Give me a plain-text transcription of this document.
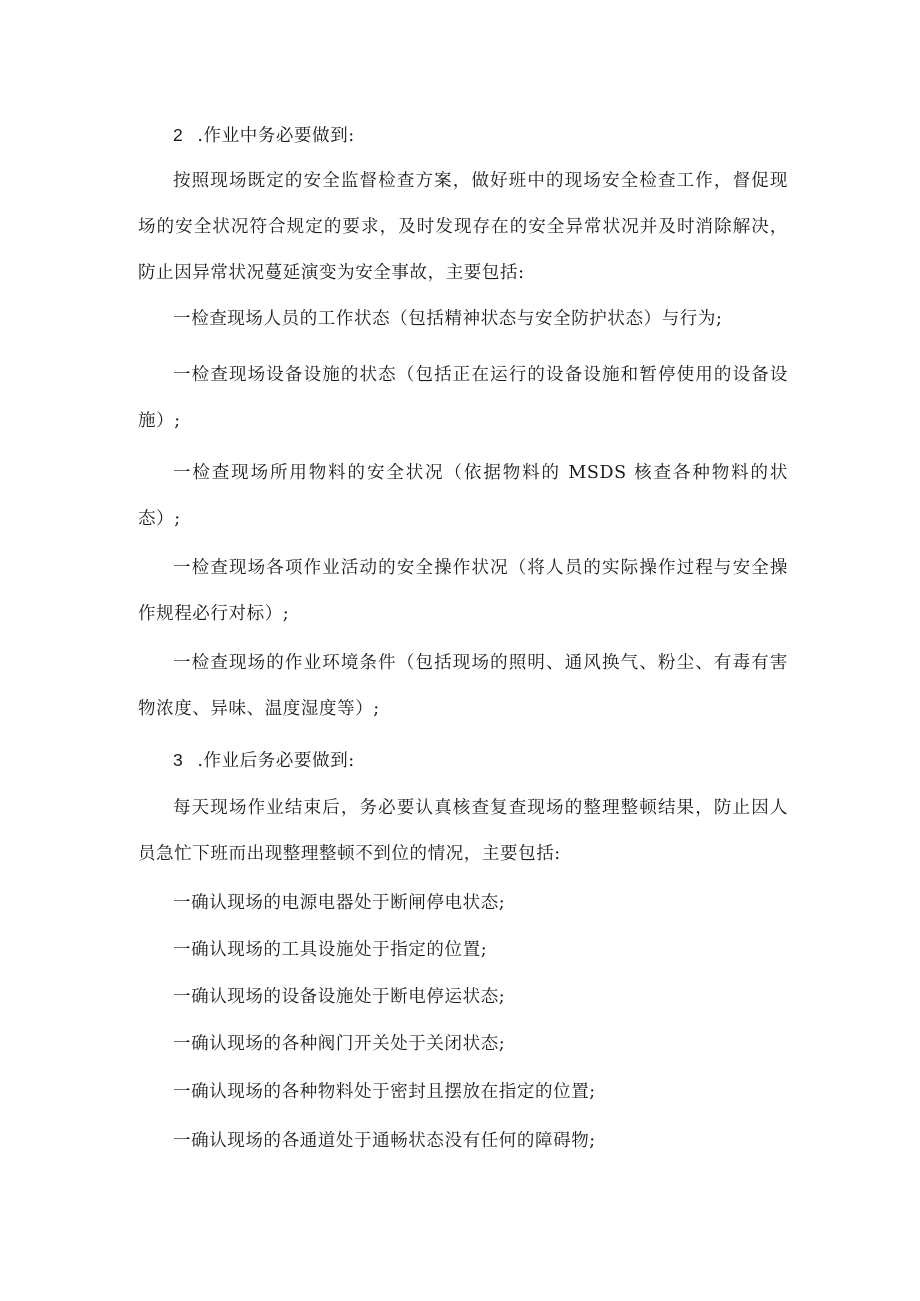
2 .作业中务必要做到:

按照现场既定的安全监督检查方案，做好班中的现场安全检查工作，督促现场的安全状况符合规定的要求，及时发现存在的安全异常状况并及时消除解决，防止因异常状况蔓延演变为安全事故，主要包括:

一检查现场人员的工作状态（包括精神状态与安全防护状态）与行为;

一检查现场设备设施的状态（包括正在运行的设备设施和暂停使用的设备设施）;

一检查现场所用物料的安全状况（依据物料的 MSDS 核查各种物料的状态）;

一检查现场各项作业活动的安全操作状况（将人员的实际操作过程与安全操作规程必行对标）;

一检查现场的作业环境条件（包括现场的照明、通风换气、粉尘、有毒有害物浓度、异味、温度湿度等）;

3 .作业后务必要做到:

每天现场作业结束后，务必要认真核查复查现场的整理整顿结果，防止因人员急忙下班而出现整理整顿不到位的情况，主要包括:

一确认现场的电源电器处于断闸停电状态;

一确认现场的工具设施处于指定的位置;

一确认现场的设备设施处于断电停运状态;

一确认现场的各种阀门开关处于关闭状态;

一确认现场的各种物料处于密封且摆放在指定的位置;

一确认现场的各通道处于通畅状态没有任何的障碍物;
